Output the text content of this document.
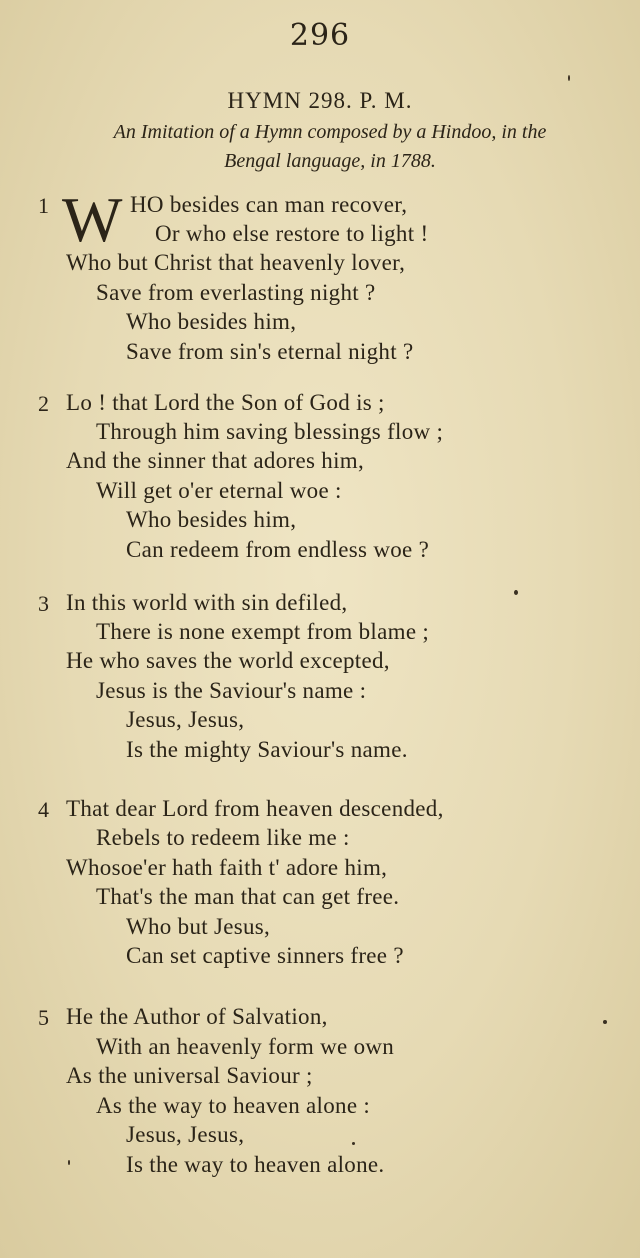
296
HYMN 298. P. M.
An Imitation of a Hymn composed by a Hindoo, in the
Bengal language, in 1788.
1 W HO besides can man recover,
Or who else restore to light !
Who but Christ that heavenly lover,
Save from everlasting night ?
Who besides him,
Save from sin's eternal night ?
2 Lo ! that Lord the Son of God is ;
Through him saving blessings flow ;
And the sinner that adores him,
Will get o'er eternal woe :
Who besides him,
Can redeem from endless woe ?
3 In this world with sin defiled,
There is none exempt from blame ;
He who saves the world excepted,
Jesus is the Saviour's name :
Jesus, Jesus,
Is the mighty Saviour's name.
4 That dear Lord from heaven descended,
Rebels to redeem like me :
Whosoe'er hath faith t' adore him,
That's the man that can get free.
Who but Jesus,
Can set captive sinners free ?
5 He the Author of Salvation,
With an heavenly form we own
As the universal Saviour ;
As the way to heaven alone :
Jesus, Jesus,
Is the way to heaven alone.
